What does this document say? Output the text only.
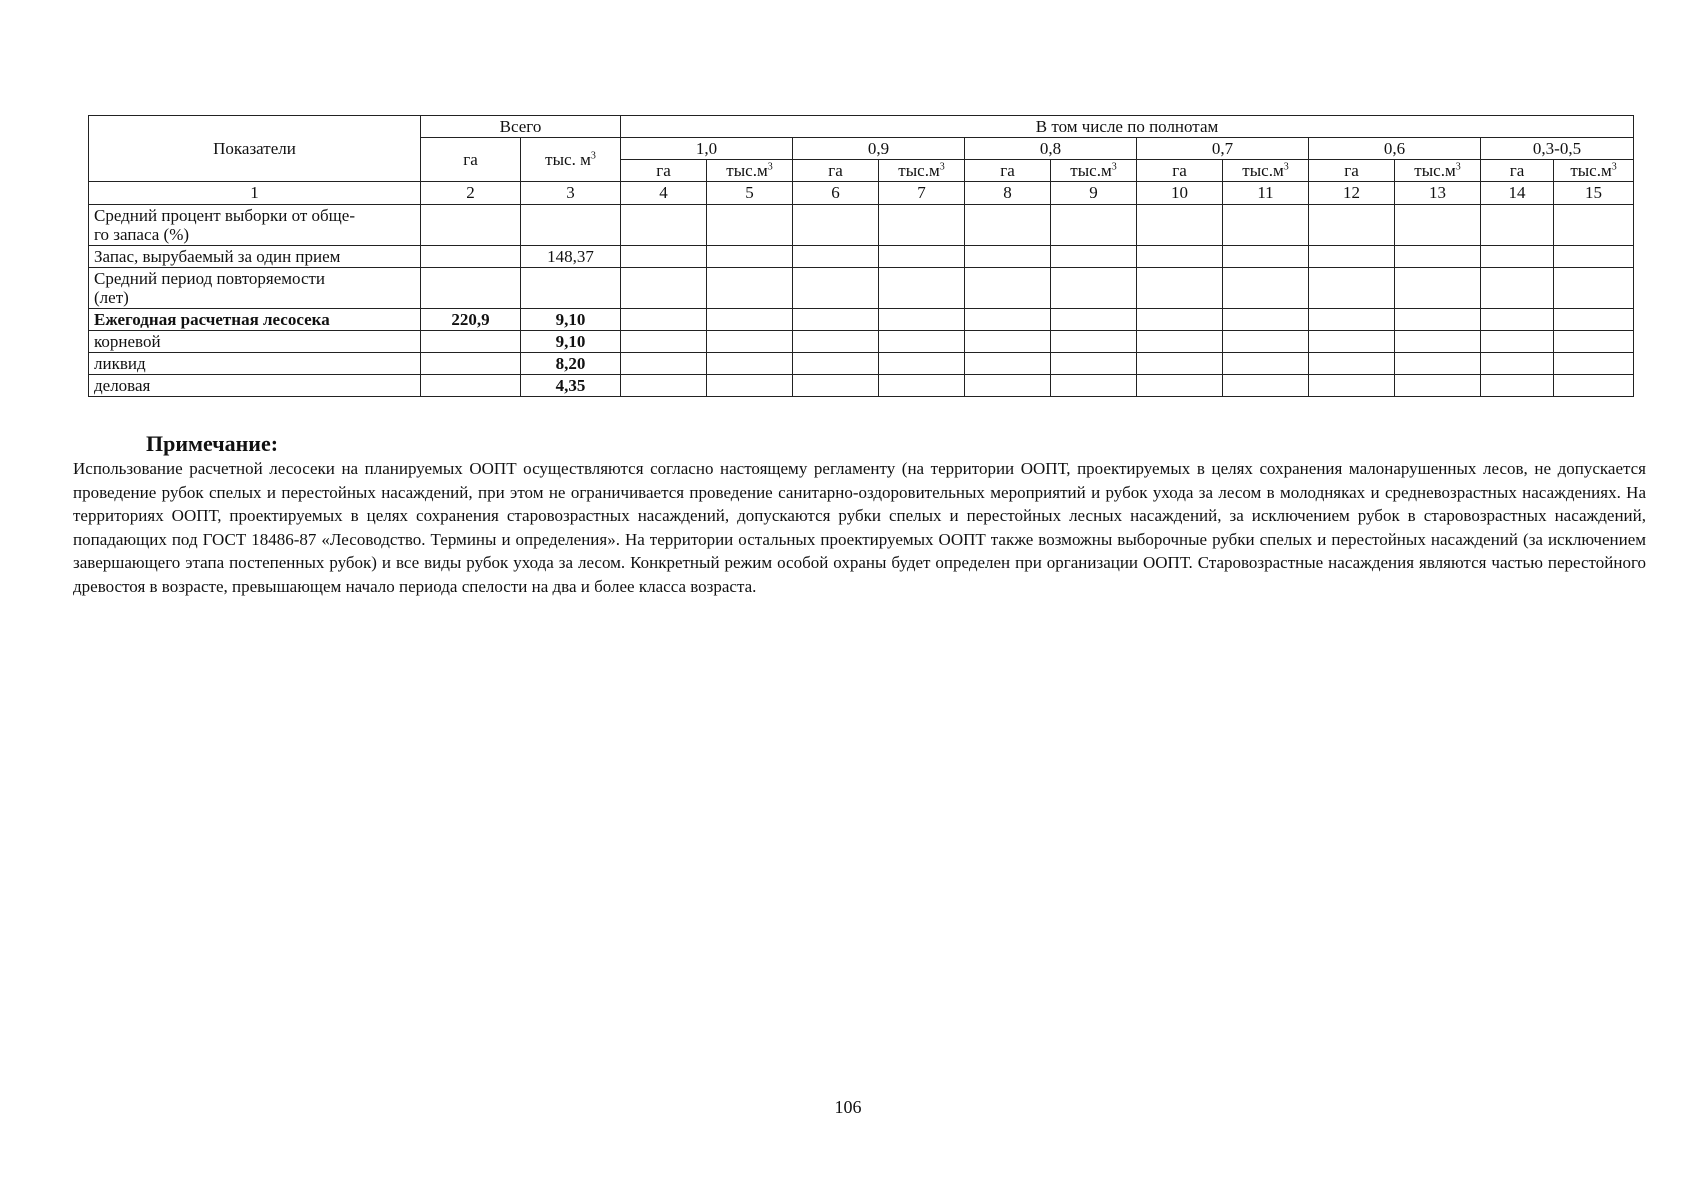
Показатели	Всего		В том числе по полнотам											
	га	тыс. $м^3$	1,0		0,9		0,8		0,7		0,6		0,3-0,5	
			га	$тыс.м^3$	га	$тыс.м^3$	га	$тыс.м^3$	га	$тыс.м^3$	га	$тыс.м^3$	га	$тыс.м^3$
1	2	3	4	5	6	7	8	9	10	11	12	13	14	15
Средний процент выборки от обще-
го запаса (%)														
Запас, вырубаемый за один прием		148,37												
Средний период повторяемости
(лет)														
Ежегодная расчетная лесосека	220,9	9,10												
корневой		9,10												
ликвид		8,20												
деловая		4,35												
Примечание:

Использование расчетной лесосеки на планируемых ООПТ осуществляются согласно настоящему регламенту (на территории ООПТ, проектируемых в целях сохранения малонарушенных лесов, не допускается проведение рубок спелых и перестойных насаждений, при этом не ограничивается проведение санитарно-оздоровительных мероприятий и рубок ухода за лесом в молодняках и средневозрастных насаждениях. На территориях ООПТ, проектируемых в целях сохранения старовозрастных насаждений, допускаются рубки спелых и перестойных лесных насаждений, за исключением рубок в старовозрастных насаждений, попадающих под ГОСТ 18486-87 «Лесоводство. Термины и определения». На территории остальных проектируемых ООПТ также возможны выборочные рубки спелых и перестойных насаждений (за исключением завершающего этапа постепенных рубок) и все виды рубок ухода за лесом. Конкретный режим особой охраны будет определен при организации ООПТ. Старовозрастные насаждения являются частью перестойного древостоя в возрасте, превышающем начало периода спелости на два и более класса возраста.

106
